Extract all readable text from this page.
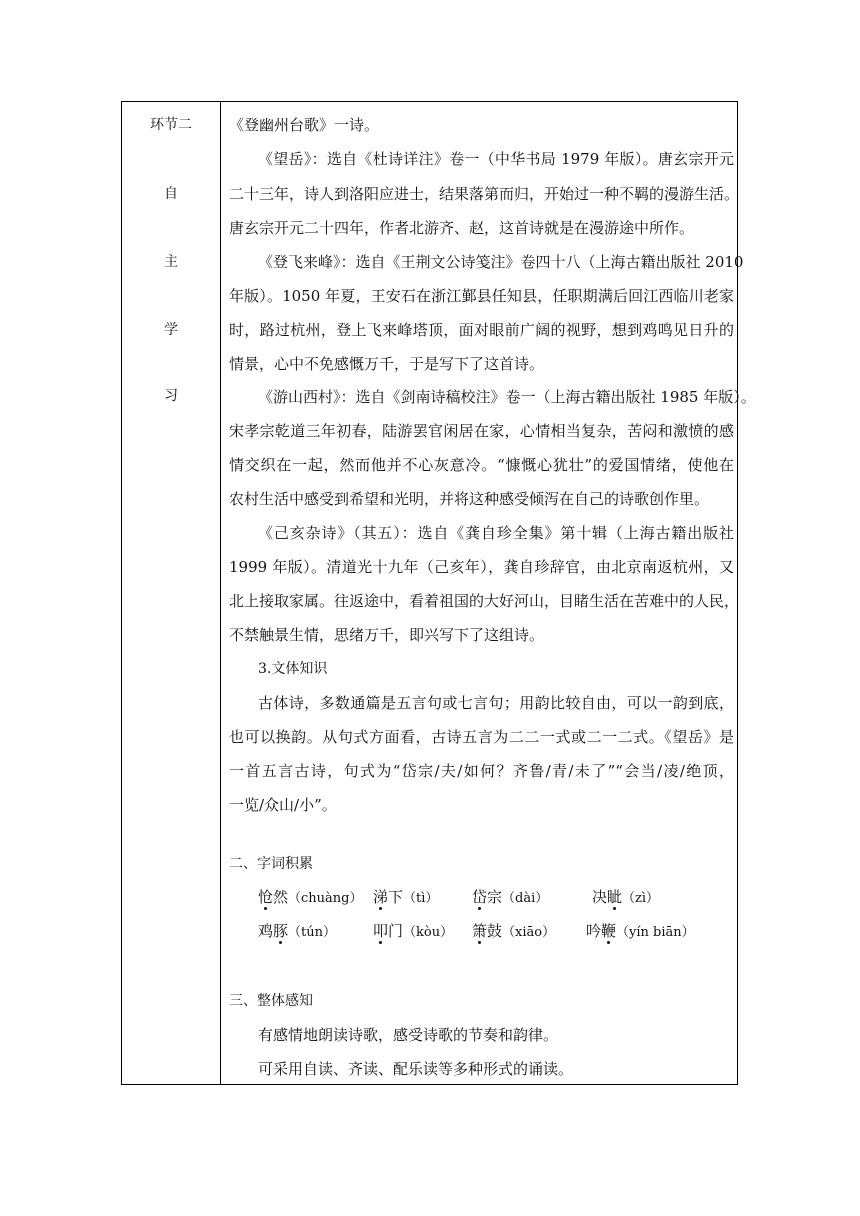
环节二
自
主
学
习
《登幽州台歌》一诗。
《望岳》：选自《杜诗详注》卷一（中华书局 1979 年版）。唐玄宗开元
二十三年，诗人到洛阳应进士，结果落第而归，开始过一种不羁的漫游生活。
唐玄宗开元二十四年，作者北游齐、赵，这首诗就是在漫游途中所作。
《登飞来峰》：选自《王荆文公诗笺注》卷四十八（上海古籍出版社 2010
年版）。1050 年夏，王安石在浙江鄞县任知县，任职期满后回江西临川老家
时，路过杭州，登上飞来峰塔顶，面对眼前广阔的视野，想到鸡鸣见日升的
情景，心中不免感慨万千，于是写下了这首诗。
《游山西村》：选自《剑南诗稿校注》卷一（上海古籍出版社 1985 年版）。
宋孝宗乾道三年初春，陆游罢官闲居在家，心情相当复杂，苦闷和激愤的感
情交织在一起，然而他并不心灰意冷。“慷慨心犹壮”的爱国情绪，使他在
农村生活中感受到希望和光明，并将这种感受倾泻在自己的诗歌创作里。
《己亥杂诗》（其五）：选自《龚自珍全集》第十辑（上海古籍出版社
1999 年版）。清道光十九年（己亥年），龚自珍辞官，由北京南返杭州，又
北上接取家属。往返途中，看着祖国的大好河山，目睹生活在苦难中的人民，
不禁触景生情，思绪万千，即兴写下了这组诗。
3.文体知识
古体诗，多数通篇是五言句或七言句；用韵比较自由，可以一韵到底，
也可以换韵。从句式方面看，古诗五言为二二一式或二一二式。《望岳》是
一首五言古诗，句式为“岱宗/夫/如何？齐鲁/青/未了”“会当/凌/绝顶，
一览/众山/小”。
二、字词积累
怆然（chuàng） 涕下（tì） 岱宗（dài）	决眦（zì）
鸡豚（tún） 叩门（kòu） 箫鼓（xiāo） 吟鞭（yín biān）
三、整体感知
有感情地朗读诗歌，感受诗歌的节奏和韵律。
可采用自读、齐读、配乐读等多种形式的诵读。
